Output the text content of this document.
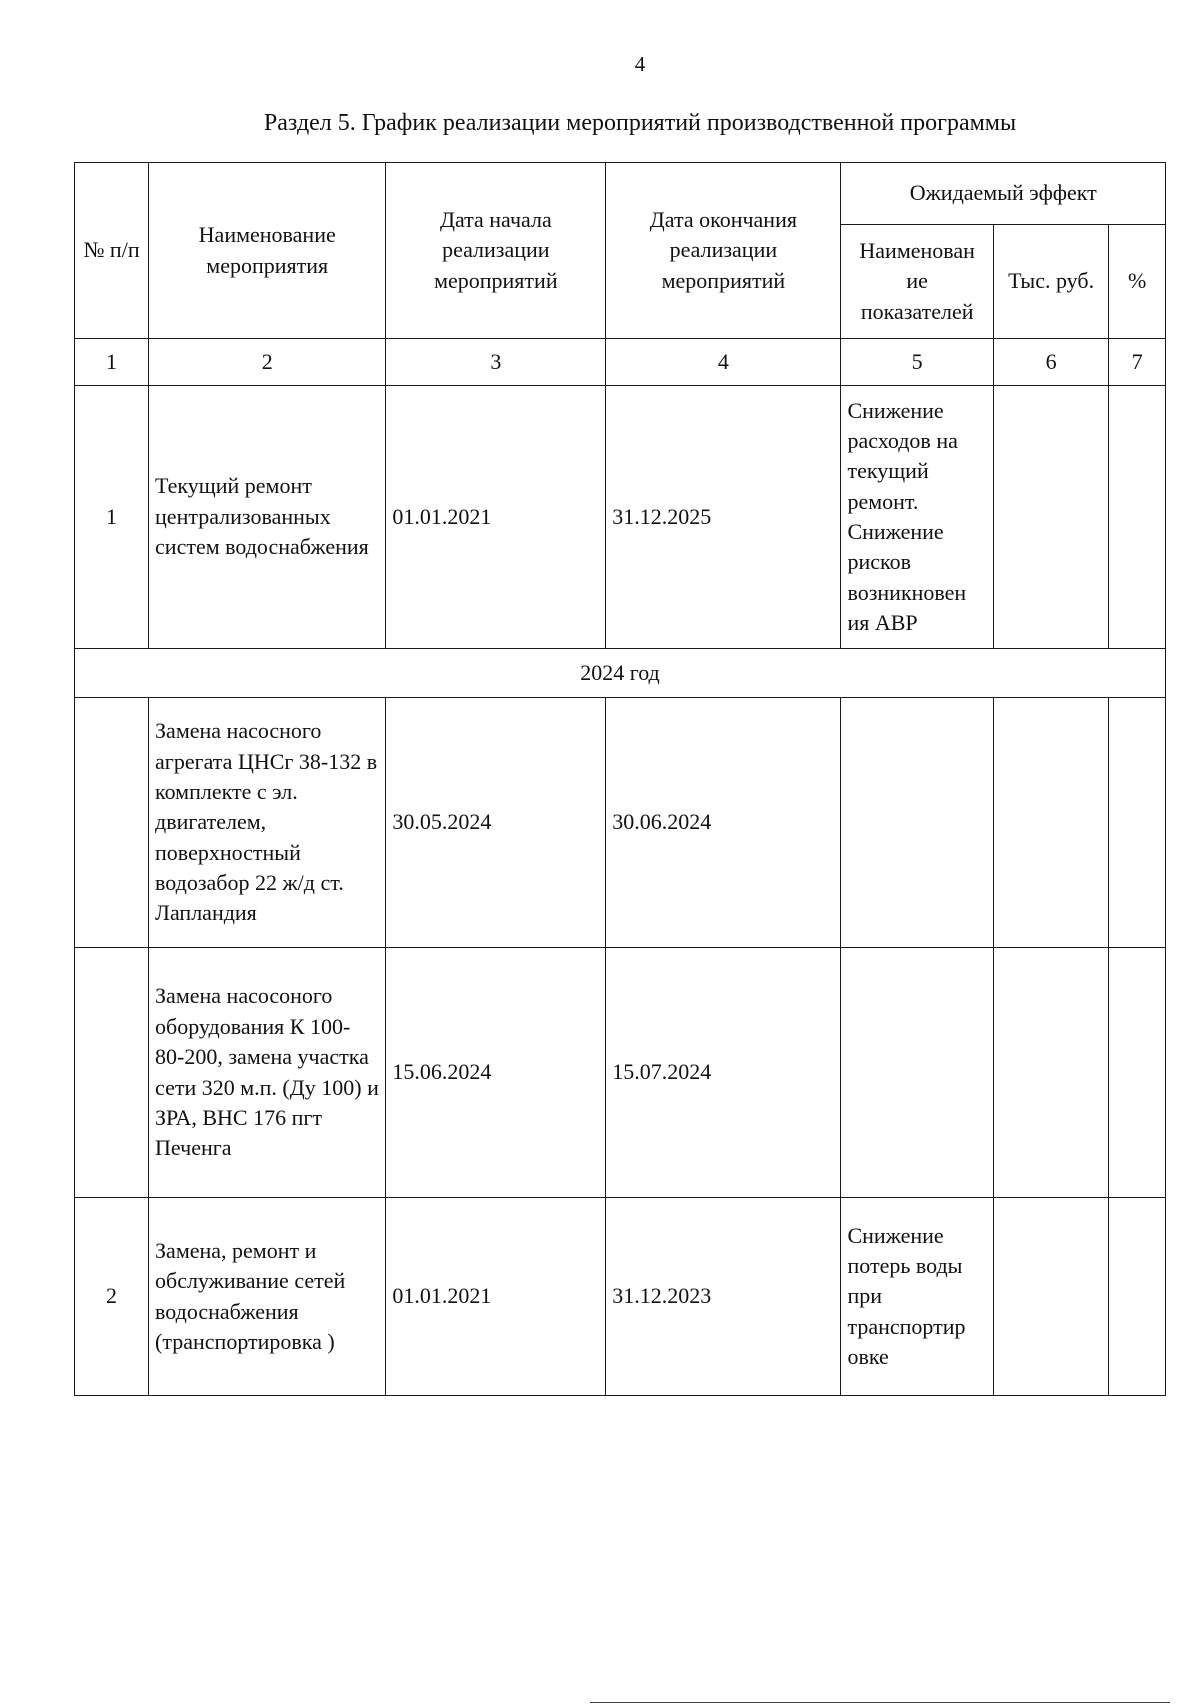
4
Раздел 5. График реализации мероприятий производственной программы
№ п/п	Наименование мероприятия	Дата начала реализации мероприятий	Дата окончания реализации мероприятий	Ожидаемый эффект		
				Наименован ие показателей	Тыс. руб.	%
1	2	3	4	5	6	7
1	Текущий ремонт централизованных систем водоснабжения	01.01.2021	31.12.2025	Снижение расходов на текущий ремонт. Снижение рисков возникновен ия АВР		
2024 год						
	Замена насосного агрегата ЦНСг 38-132 в комплекте с эл. двигателем, поверхностный водозабор 22 ж/д ст. Лапландия	30.05.2024	30.06.2024			
	Замена насосоного оборудования К 100-80-200, замена участка сети 320 м.п. (Ду 100) и ЗРА, ВНС 176 пгт Печенга	15.06.2024	15.07.2024			
2	Замена, ремонт и обслуживание сетей водоснабжения (транспортировка )	01.01.2021	31.12.2023	Снижение потерь воды при транспортир овке		
